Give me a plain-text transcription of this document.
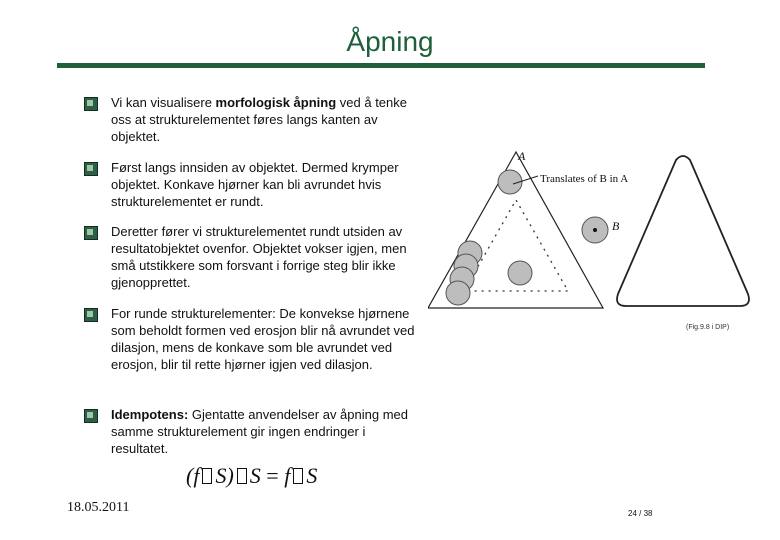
Åpning
Vi kan visualisere morfologisk åpning ved å tenke oss at strukturelementet føres langs kanten av objektet.
Først langs innsiden av objektet. Dermed krymper objektet. Konkave hjørner kan bli avrundet hvis strukturelementet er rundt.
Deretter fører vi strukturelementet rundt utsiden av resultatobjektet ovenfor. Objektet vokser igjen, men små utstikkere som forsvant i forrige steg blir ikke gjenopprettet.
For runde strukturelementer: De konvekse hjørnene som beholdt formen ved erosjon blir nå avrundet ved dilasjon, mens de konkave som ble avrundet ved erosjon, blir til rette hjørner igjen ved dilasjon.
Idempotens: Gjentatte anvendelser av åpning med samme strukturelement gir ingen endringer i resultatet.
A
Translates of B in A
B
(Fig.9.8 i DIP)
(f S) S = f S
18.05.2011	24 / 38
